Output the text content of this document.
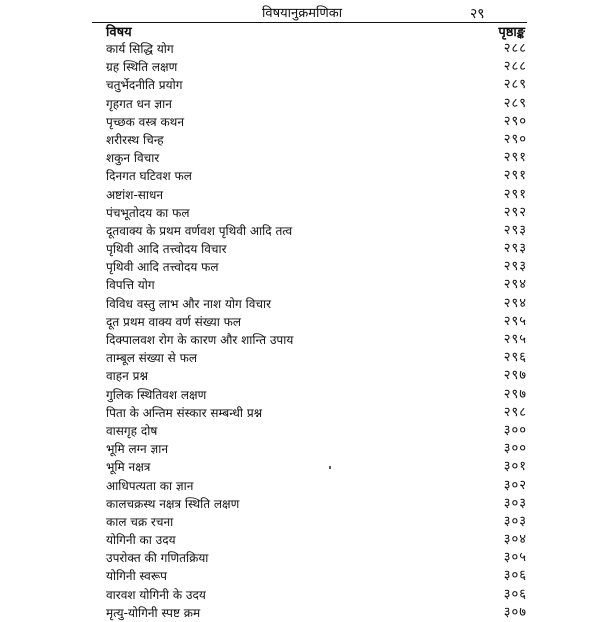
विषयानुक्रमणिका	२९
विषय	पृष्ठाङ्क
कार्य सिद्धि योग	२८८
ग्रह स्थिति लक्षण	२८८
चतुर्भेदनीति प्रयोग	२८९
गृहगत धन ज्ञान	२८९
पृच्छक वस्त्र कथन	२९०
शरीरस्थ चिन्ह	२९०
शकुन विचार	२९१
दिनगत घटिवश फल	२९१
अष्टांश-साधन	२९१
पंचभूतोदय का फल	२९२
दूतवाक्य के प्रथम वर्णवश पृथिवी आदि तत्व	२९३
पृथिवी आदि तत्त्वोदय विचार	२९३
पृथिवी आदि तत्त्वोदय फल	२९३
विपत्ति योग	२९४
विविध वस्तु लाभ और नाश योग विचार	२९४
दूत प्रथम वाक्य वर्ण संख्या फल	२९५
दिक्पालवश रोग के कारण और शान्ति उपाय	२९५
ताम्बूल संख्या से फल	२९६
वाहन प्रश्न	२९७
गुलिक स्थितिवश लक्षण	२९७
पिता के अन्तिम संस्कार सम्बन्धी प्रश्न	२९८
वासगृह दोष	३००
भूमि लग्न ज्ञान	३००
भूमि नक्षत्र	३०१
आधिपत्यता का ज्ञान	३०२
कालचक्रस्थ नक्षत्र स्थिति लक्षण	३०३
काल चक्र रचना	३०३
योगिनी का उदय	३०४
उपरोक्त की गणितक्रिया	३०५
योगिनी स्वरूप	३०६
वारवश योगिनी के उदय	३०६
मृत्यु-योगिनी स्पष्ट क्रम	३०७
